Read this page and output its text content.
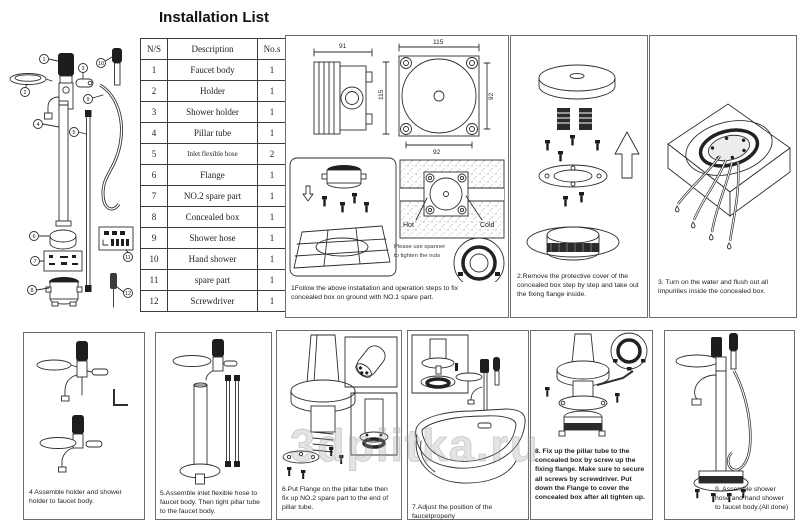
Installation List
1
2
3
4
5
9
10
6
7
8
11
12
N/S	Description	No.s
1	Faucet body	1
2	Holder	1
3	Shower holder	1
4	Pillar tube	1
5	Inlet flexible hose	2
6	Flange	1
7	NO.2 spare part	1
8	Concealed box	1
9	Shower hose	1
10	Hand shower	1
11	spare part	1
12	Screwdriver	1
91
115
115
92
92
Hot	Cold
Please use spanner
to tighten the nuts
1Follow the above installation and operation steps to fix concealed box on ground with NO.1 spare part.
2.Remove the protective cover of the concealed box step by step and take out the fixing flange inside.
3. Turn on the water and flush out all impurities inside the concealed box.
4 Assemble holder and shower holder to faucet body.
5.Assemble inlet flexible hose to faucet body. Then tight pillar tube to the faucet body.
6.Put Flange on the pillar tube then fix up NO.2 spare part to the end of pillar tube.	7.Adjust the position of the faucetproperly
8. Fix up the pillar tube to the concealed box by screw up the fixing flange. Make sure to secure all screws by screwdriver. Put down the Flange to cover the concealed box after all tighten up.
9. Assemble shower hose and hand shower to faucet body.(All done)
3dplitka.ru
